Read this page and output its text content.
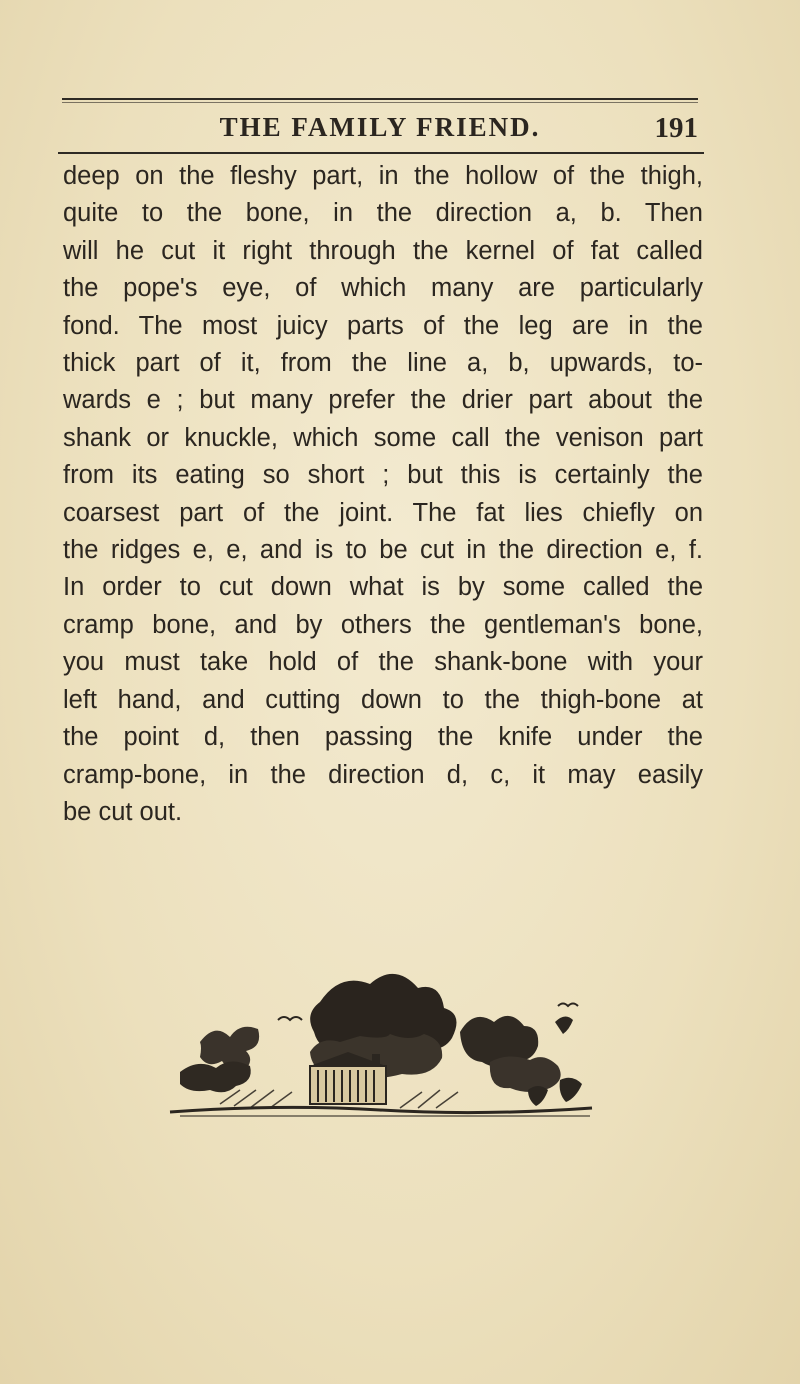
THE FAMILY FRIEND.	191
deep on the fleshy part, in the hollow of the thigh,
quite to the bone, in the direction a, b. Then
will he cut it right through the kernel of fat called
the pope's eye, of which many are particularly
fond. The most juicy parts of the leg are in the
thick part of it, from the line a, b, upwards, to-
wards e ; but many prefer the drier part about the
shank or knuckle, which some call the venison part
from its eating so short ; but this is certainly the
coarsest part of the joint. The fat lies chiefly on
the ridges e, e, and is to be cut in the direction e, f.
In order to cut down what is by some called the
cramp bone, and by others the gentleman's bone,
you must take hold of the shank-bone with your
left hand, and cutting down to the thigh-bone at
the point d, then passing the knife under the
cramp-bone, in the direction d, c, it may easily
be cut out.
